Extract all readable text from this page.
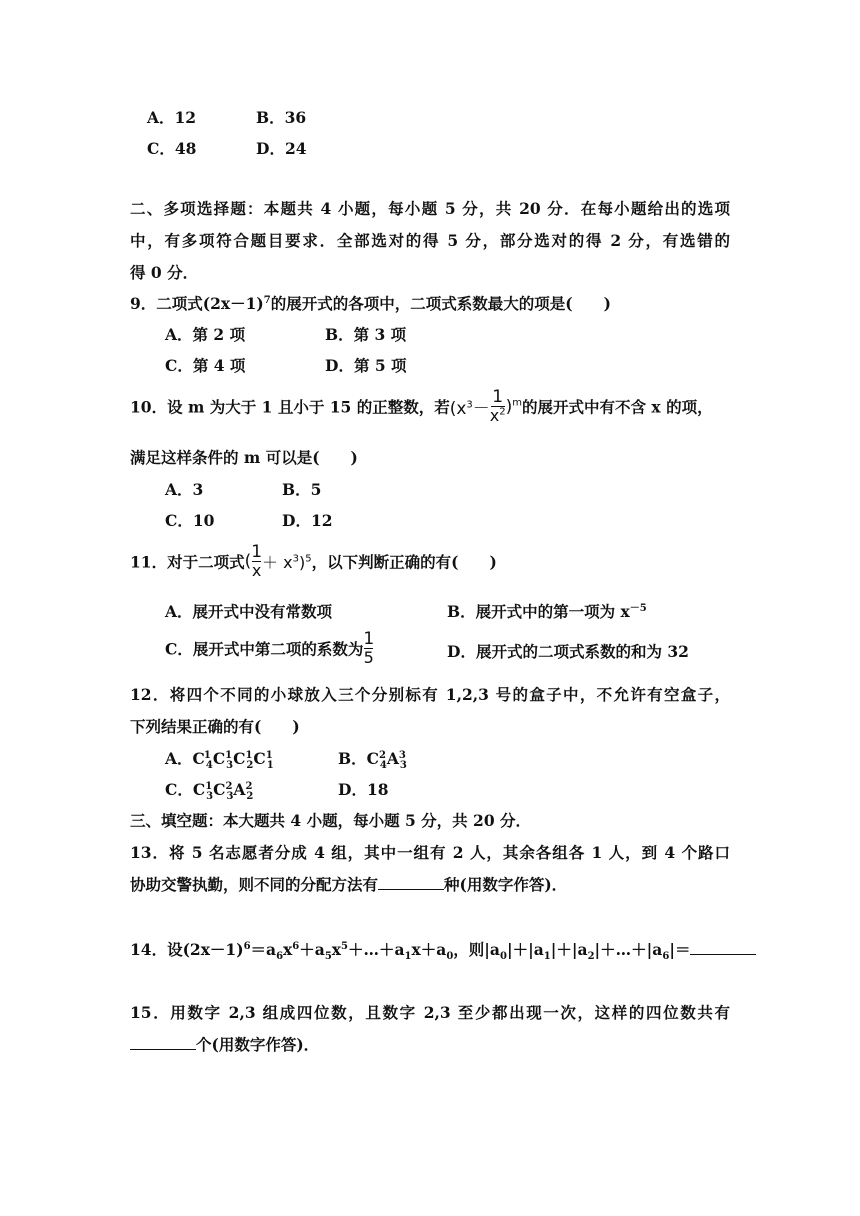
A．12	B．36
C．48	D．24
二、多项选择题：本题共 4 小题，每小题 5 分，共 20 分．在每小题给出的选项
中，有多项符合题目要求．全部选对的得 5 分，部分选对的得 2 分，有选错的
得 0 分．
9．二项式$(2x-1)^7$的展开式的各项中，二项式系数最大的项是(　　)
A．第 2 项	B．第 3 项
C．第 4 项	D．第 5 项
10．设 m 为大于 1 且小于 15 的正整数，若$(x^3- \frac{1}{x^2} )^m$的展开式中有不含 x 的项，
满足这样条件的 m 可以是(　　)
A．3	B．5
C．10	D．12
11．对于二项式( $\frac{1}{x} + x^3)^5$，以下判断正确的有(　　)
A．展开式中没有常数项	B．展开式中的第一项为 $x^{-5}$
C．展开式中第二项的系数为 $\frac{1}{5}$	D．展开式的二项式系数的和为 32
12．将四个不同的小球放入三个分别标有 1,2,3 号的盒子中，不允许有空盒子，
下列结果正确的有(　　)
A．$C^1_4C^1_3C^1_2C^1_1$	B．$C^2_4A^3_3$
C．$C^1_3C^2_3A^2_2$	D．18
三、填空题：本大题共 4 小题，每小题 5 分，共 20 分．
13．将 5 名志愿者分成 4 组，其中一组有 2 人，其余各组各 1 人，到 4 个路口
协助交警执勤，则不同的分配方法有	种(用数字作答)．
14．设$(2x-1)^6=a_6x^6+a_5x^5+\dots+a_1x+a_0$，则$|a_0|+|a_1|+|a_2|+\dots+|a_6|=$
15．用数字 2,3 组成四位数，且数字 2,3 至少都出现一次，这样的四位数共有
个(用数字作答)．
